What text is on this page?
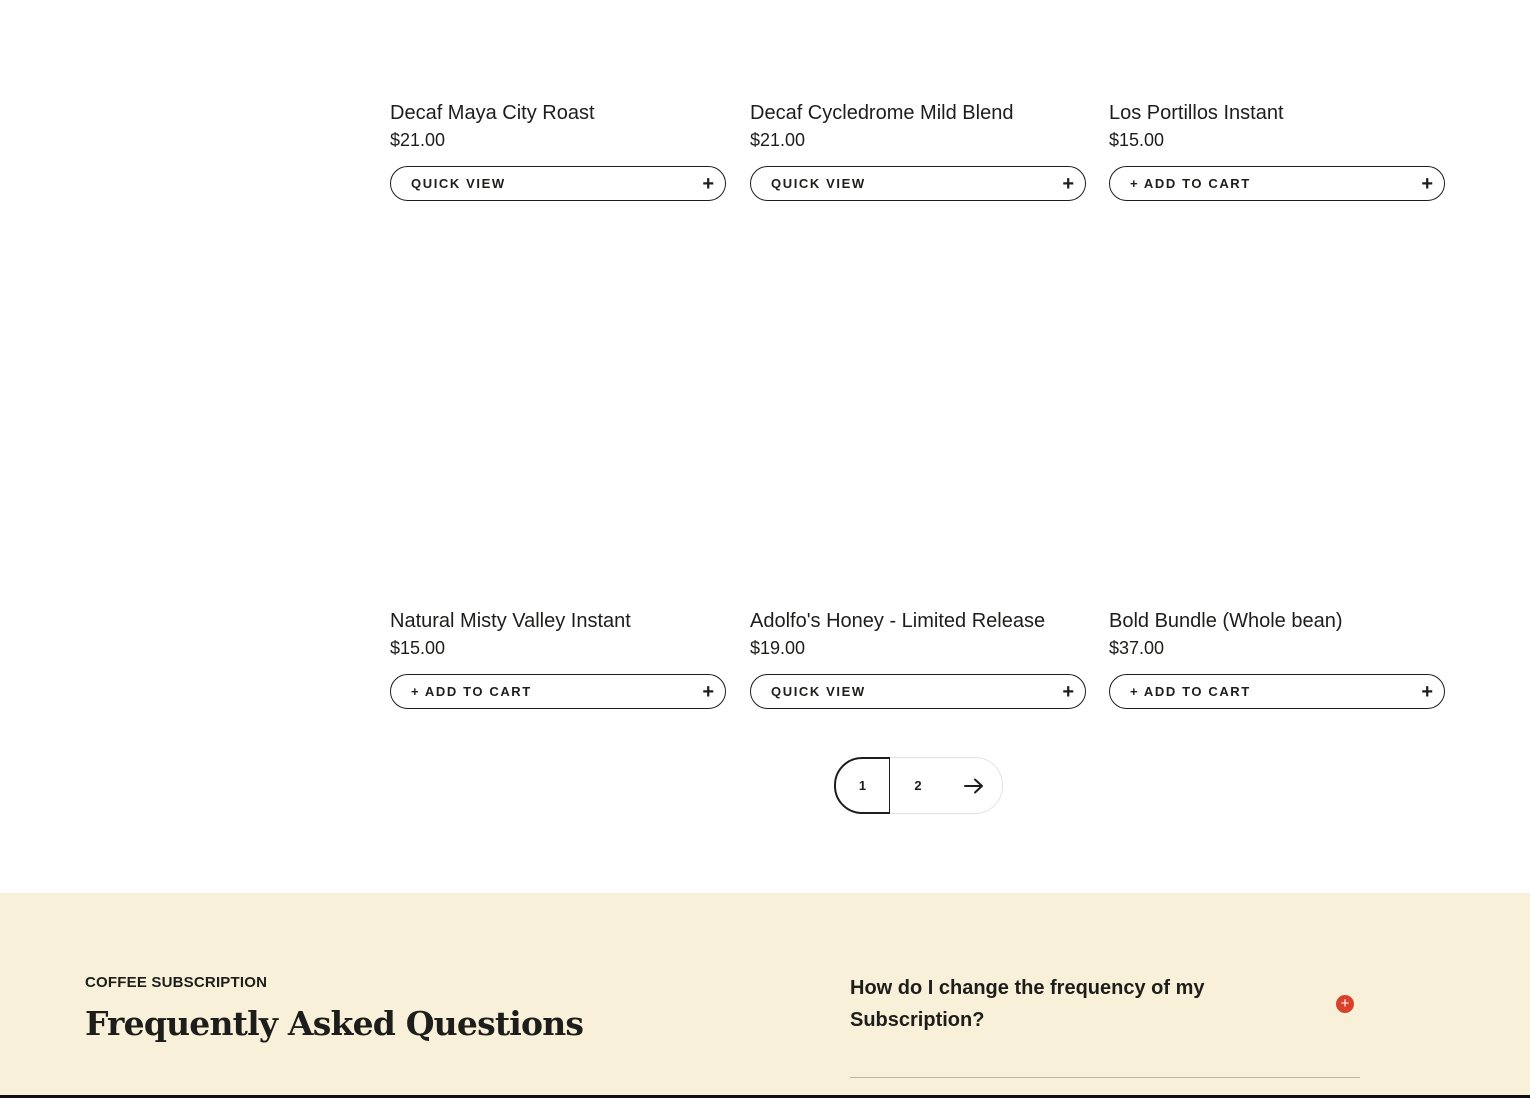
Decaf Maya City Roast
$21.00
QUICK VIEW	+
Decaf Cycledrome Mild Blend
$21.00
QUICK VIEW	+
Los Portillos Instant
$15.00
+ ADD TO CART	+
Natural Misty Valley Instant
$15.00
+ ADD TO CART	+
Adolfo's Honey - Limited Release
$19.00
QUICK VIEW	+
Bold Bundle (Whole bean)
$37.00
+ ADD TO CART	+
1	2
COFFEE SUBSCRIPTION
Frequently Asked Questions
How do I change the frequency of my Subscription?
+
